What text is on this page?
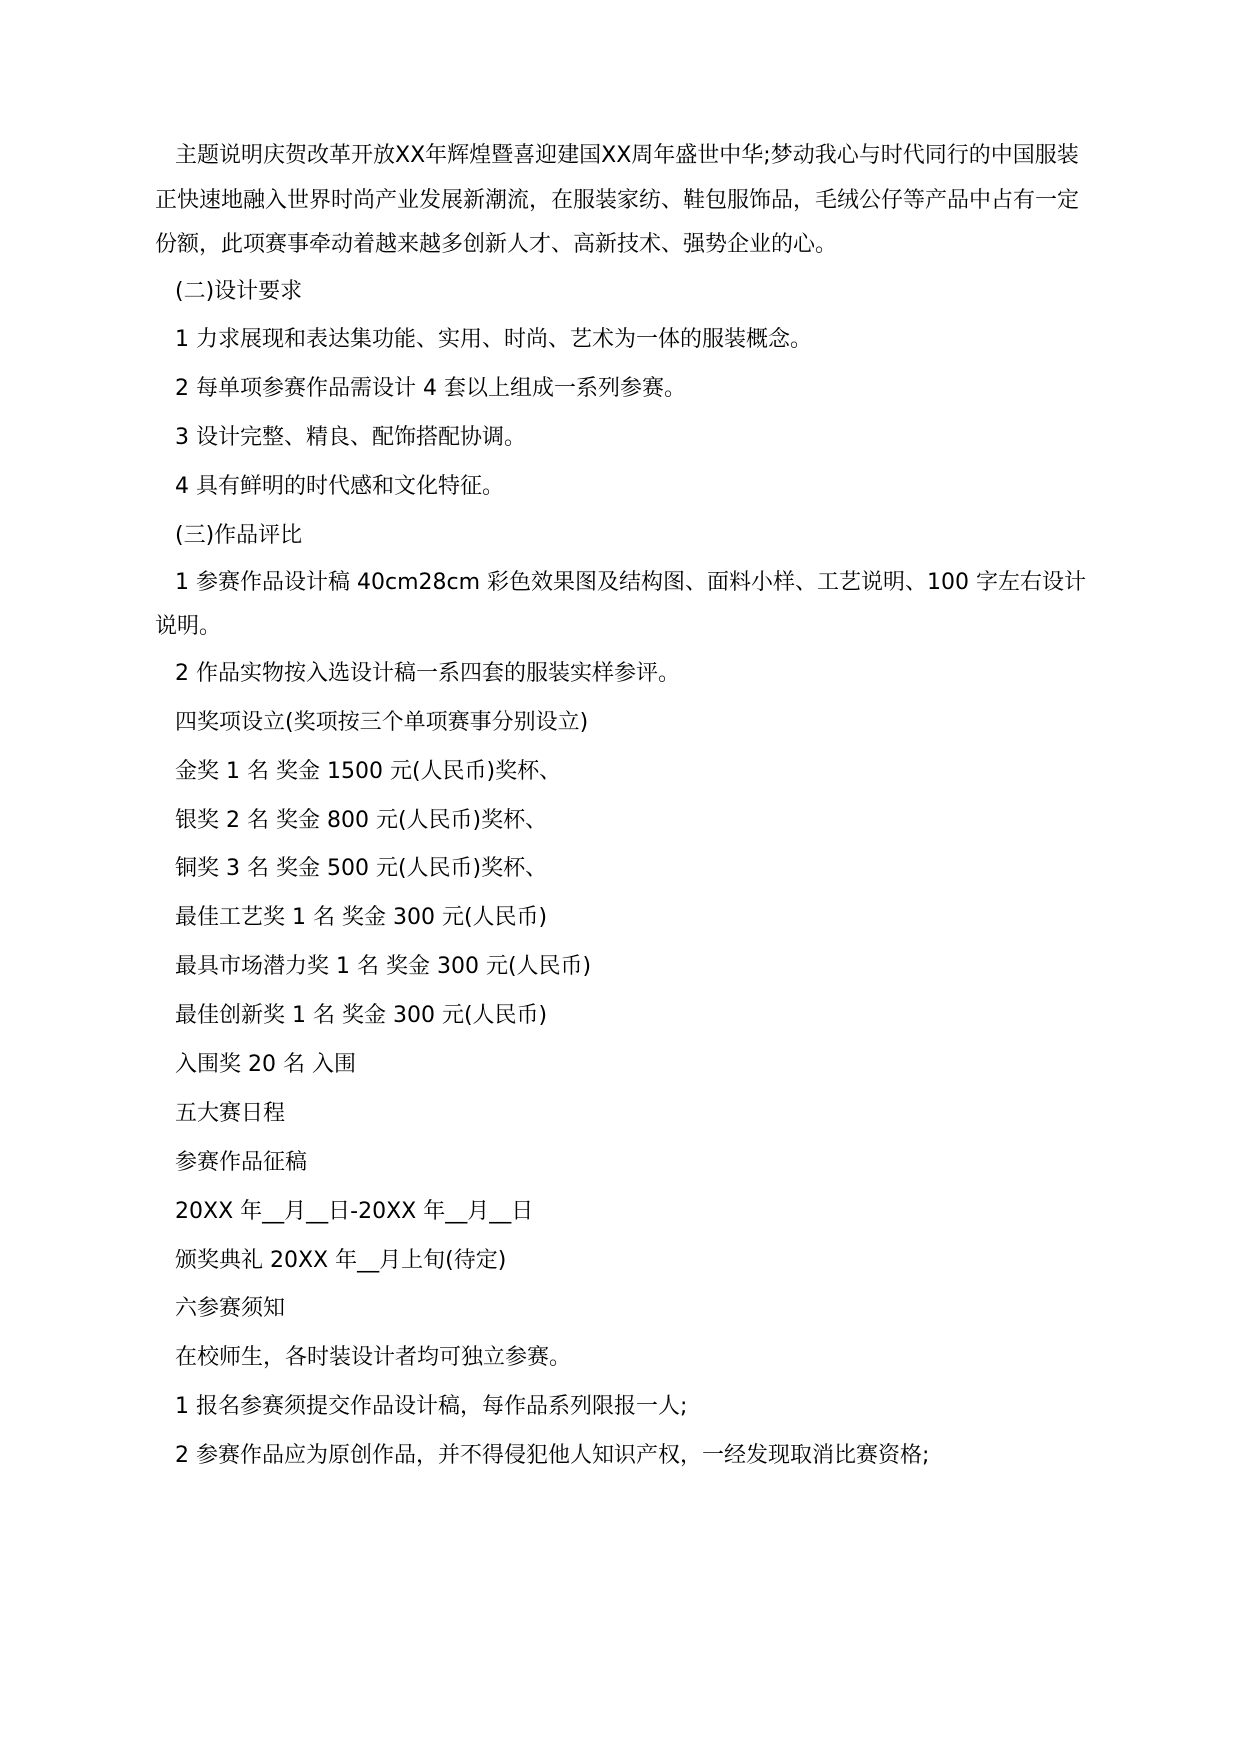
主题说明庆贺改革开放XX年辉煌暨喜迎建国XX周年盛世中华;梦动我心与时代同行的中国服装正快速地融入世界时尚产业发展新潮流，在服装家纺、鞋包服饰品，毛绒公仔等产品中占有一定份额，此项赛事牵动着越来越多创新人才、高新技术、强势企业的心。

(二)设计要求

1 力求展现和表达集功能、实用、时尚、艺术为一体的服装概念。

2 每单项参赛作品需设计 4 套以上组成一系列参赛。

3 设计完整、精良、配饰搭配协调。

4 具有鲜明的时代感和文化特征。

(三)作品评比

1 参赛作品设计稿 40cm28cm 彩色效果图及结构图、面料小样、工艺说明、100 字左右设计说明。

2 作品实物按入选设计稿一系四套的服装实样参评。

四奖项设立(奖项按三个单项赛事分别设立)

金奖 1 名 奖金 1500 元(人民币)奖杯、

银奖 2 名 奖金 800 元(人民币)奖杯、

铜奖 3 名 奖金 500 元(人民币)奖杯、

最佳工艺奖 1 名 奖金 300 元(人民币)

最具市场潜力奖 1 名 奖金 300 元(人民币)

最佳创新奖 1 名 奖金 300 元(人民币)

入围奖 20 名 入围

五大赛日程

参赛作品征稿

20XX 年__月__日-20XX 年__月__日

颁奖典礼 20XX 年__月上旬(待定)

六参赛须知

在校师生，各时装设计者均可独立参赛。

1 报名参赛须提交作品设计稿，每作品系列限报一人;

2 参赛作品应为原创作品，并不得侵犯他人知识产权，一经发现取消比赛资格;
